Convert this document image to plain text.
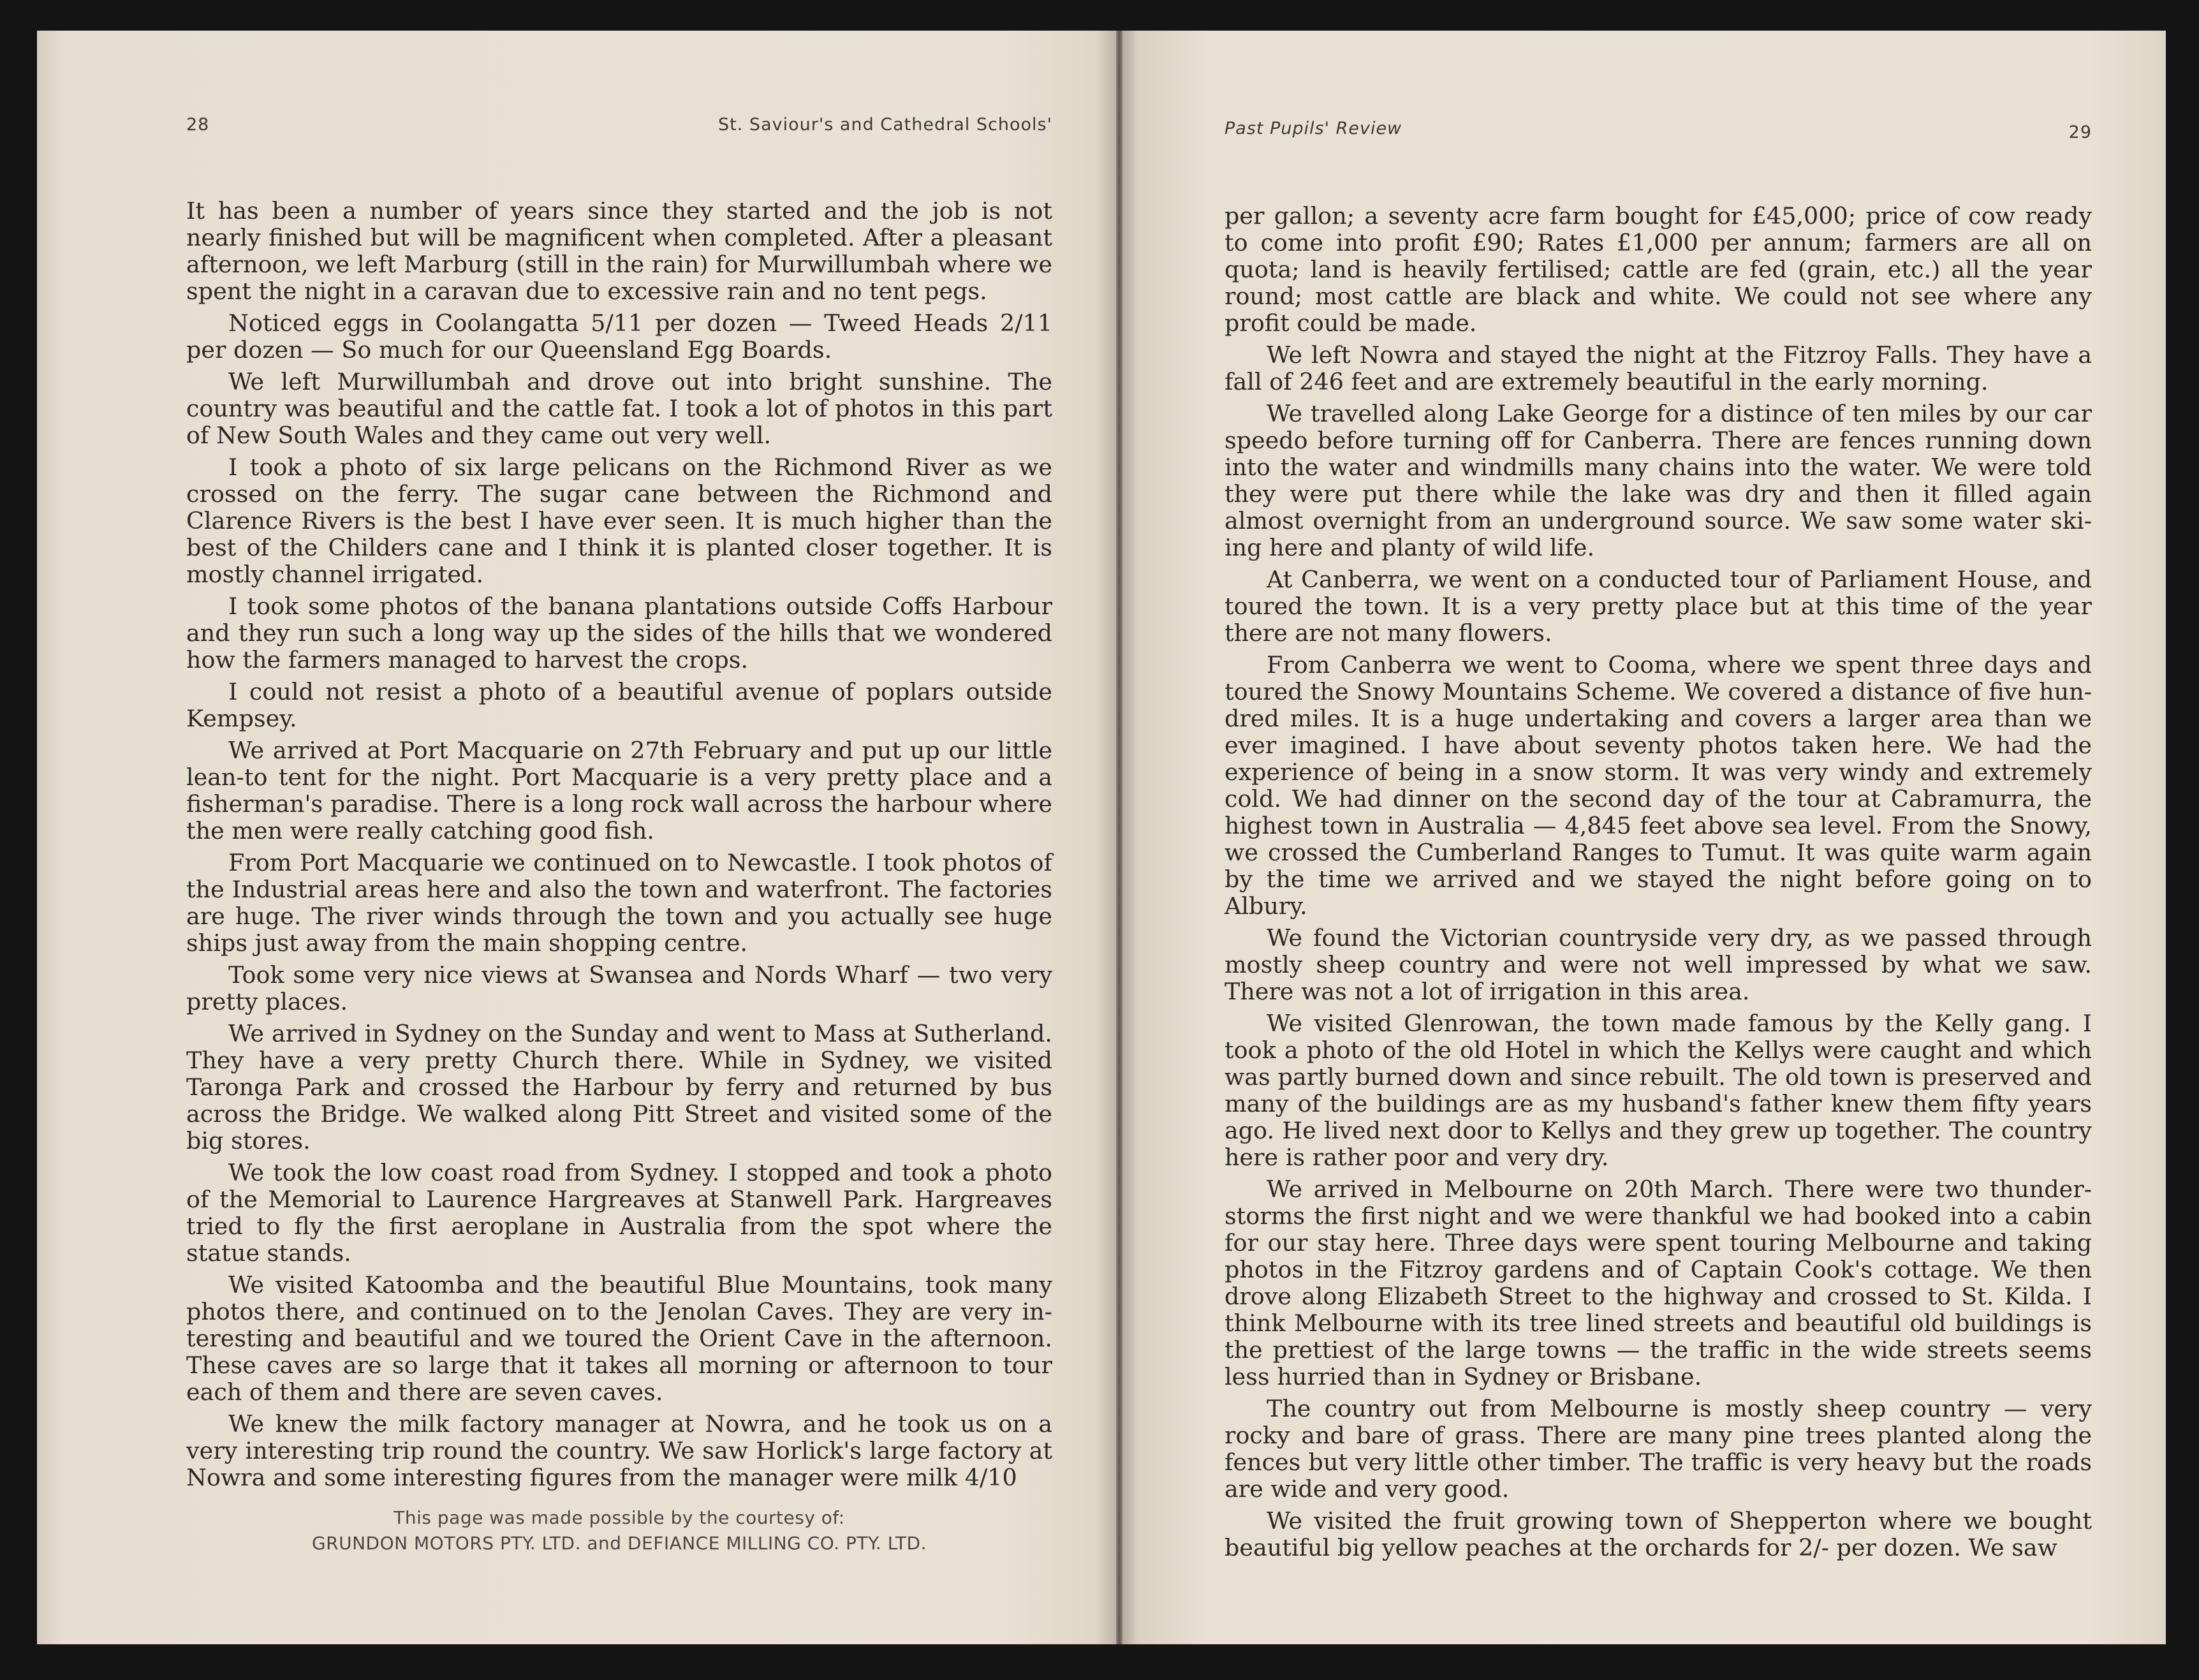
28	St. Saviour's and Cathedral Schools'

It has been a number of years since they started and the job is not nearly finished but will be magnificent when completed. After a pleasant afternoon, we left Marburg (still in the rain) for Murwillumbah where we spent the night in a caravan due to excessive rain and no tent pegs.

Noticed eggs in Coolangatta 5/11 per dozen — Tweed Heads 2/11 per dozen — So much for our Queensland Egg Boards.

We left Murwillumbah and drove out into bright sunshine. The country was beautiful and the cattle fat. I took a lot of photos in this part of New South Wales and they came out very well.

I took a photo of six large pelicans on the Richmond River as we crossed on the ferry. The sugar cane between the Richmond and Clarence Rivers is the best I have ever seen. It is much higher than the best of the Childers cane and I think it is planted closer together. It is mostly channel irrigated.

I took some photos of the banana plantations outside Coffs Harbour and they run such a long way up the sides of the hills that we wondered how the farmers managed to harvest the crops.

I could not resist a photo of a beautiful avenue of poplars outside Kempsey.

We arrived at Port Macquarie on 27th February and put up our little lean-to tent for the night. Port Macquarie is a very pretty place and a fisherman's paradise. There is a long rock wall across the harbour where the men were really catching good fish.

From Port Macquarie we continued on to Newcastle. I took photos of the Industrial areas here and also the town and waterfront. The factories are huge. The river winds through the town and you actually see huge ships just away from the main shopping centre.

Took some very nice views at Swansea and Nords Wharf — two very pretty places.

We arrived in Sydney on the Sunday and went to Mass at Sutherland. They have a very pretty Church there. While in Sydney, we visited Taronga Park and crossed the Harbour by ferry and returned by bus across the Bridge. We walked along Pitt Street and visited some of the big stores.

We took the low coast road from Sydney. I stopped and took a photo of the Memorial to Laurence Hargreaves at Stanwell Park. Hargreaves tried to fly the first aeroplane in Australia from the spot where the statue stands.

We visited Katoomba and the beautiful Blue Mountains, took many photos there, and continued on to the Jenolan Caves. They are very interesting and beautiful and we toured the Orient Cave in the afternoon. These caves are so large that it takes all morning or afternoon to tour each of them and there are seven caves.

We knew the milk factory manager at Nowra, and he took us on a very interesting trip round the country. We saw Horlick's large factory at Nowra and some interesting figures from the manager were milk 4/10

This page was made possible by the courtesy of:
GRUNDON MOTORS PTY. LTD. and DEFIANCE MILLING CO. PTY. LTD.
Past Pupils' Review	29

per gallon; a seventy acre farm bought for £45,000; price of cow ready to come into profit £90; Rates £1,000 per annum; farmers are all on quota; land is heavily fertilised; cattle are fed (grain, etc.) all the year round; most cattle are black and white. We could not see where any profit could be made.

We left Nowra and stayed the night at the Fitzroy Falls. They have a fall of 246 feet and are extremely beautiful in the early morning.

We travelled along Lake George for a distince of ten miles by our car speedo before turning off for Canberra. There are fences running down into the water and windmills many chains into the water. We were told they were put there while the lake was dry and then it filled again almost overnight from an underground source. We saw some water ski-ing here and planty of wild life.

At Canberra, we went on a conducted tour of Parliament House, and toured the town. It is a very pretty place but at this time of the year there are not many flowers.

From Canberra we went to Cooma, where we spent three days and toured the Snowy Mountains Scheme. We covered a distance of five hundred miles. It is a huge undertaking and covers a larger area than we ever imagined. I have about seventy photos taken here. We had the experience of being in a snow storm. It was very windy and extremely cold. We had dinner on the second day of the tour at Cabramurra, the highest town in Australia — 4,845 feet above sea level. From the Snowy, we crossed the Cumberland Ranges to Tumut. It was quite warm again by the time we arrived and we stayed the night before going on to Albury.

We found the Victorian countryside very dry, as we passed through mostly sheep country and were not well impressed by what we saw. There was not a lot of irrigation in this area.

We visited Glenrowan, the town made famous by the Kelly gang. I took a photo of the old Hotel in which the Kellys were caught and which was partly burned down and since rebuilt. The old town is preserved and many of the buildings are as my husband's father knew them fifty years ago. He lived next door to Kellys and they grew up together. The country here is rather poor and very dry.

We arrived in Melbourne on 20th March. There were two thunderstorms the first night and we were thankful we had booked into a cabin for our stay here. Three days were spent touring Melbourne and taking photos in the Fitzroy gardens and of Captain Cook's cottage. We then drove along Elizabeth Street to the highway and crossed to St. Kilda. I think Melbourne with its tree lined streets and beautiful old buildings is the prettiest of the large towns — the traffic in the wide streets seems less hurried than in Sydney or Brisbane.

The country out from Melbourne is mostly sheep country — very rocky and bare of grass. There are many pine trees planted along the fences but very little other timber. The traffic is very heavy but the roads are wide and very good.

We visited the fruit growing town of Shepperton where we bought beautiful big yellow peaches at the orchards for 2/- per dozen. We saw
